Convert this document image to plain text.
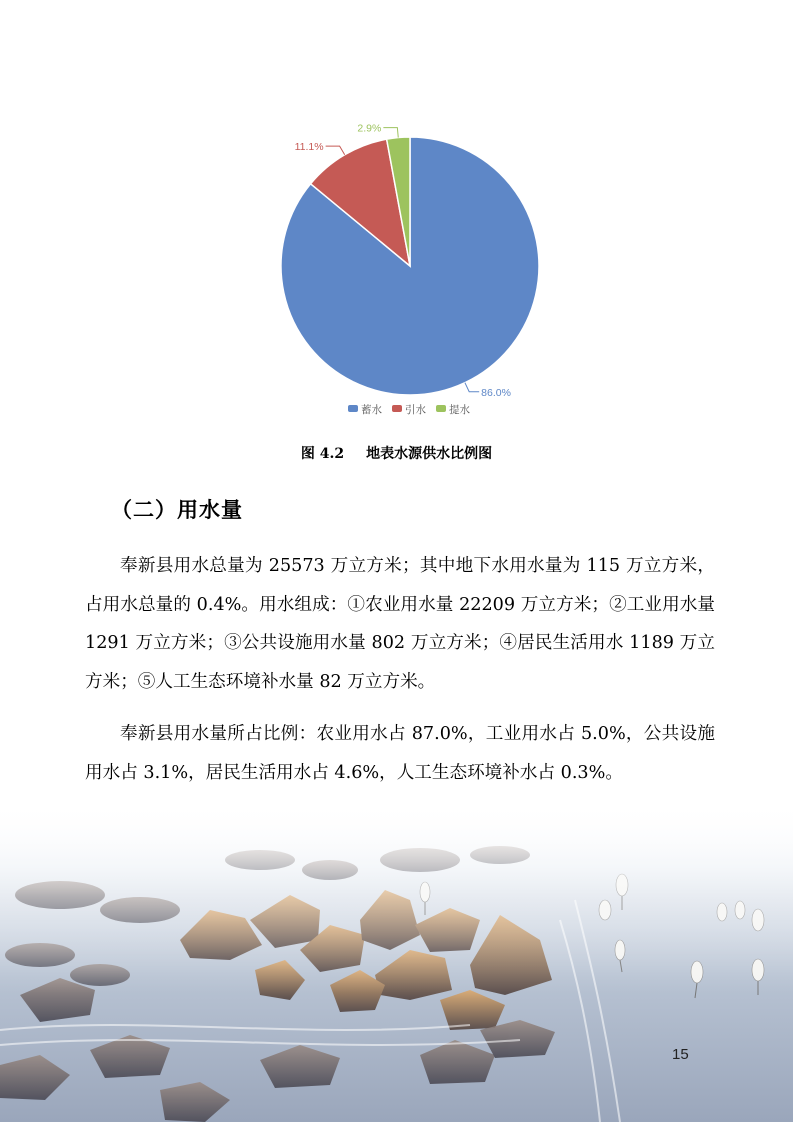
86.0%
11.1%
2.9%
蓄水 引水 提水
图 4.2 地表水源供水比例图
（二）用水量

奉新县用水总量为 25573 万立方米；其中地下水用水量为 115 万立方米，占用水总量的 0.4%。用水组成：①农业用水量 22209 万立方米；②工业用水量 1291 万立方米；③公共设施用水量 802 万立方米；④居民生活用水 1189 万立方米；⑤人工生态环境补水量 82 万立方米。

奉新县用水量所占比例：农业用水占 87.0%，工业用水占 5.0%，公共设施用水占 3.1%，居民生活用水占 4.6%，人工生态环境补水占 0.3%。

15
